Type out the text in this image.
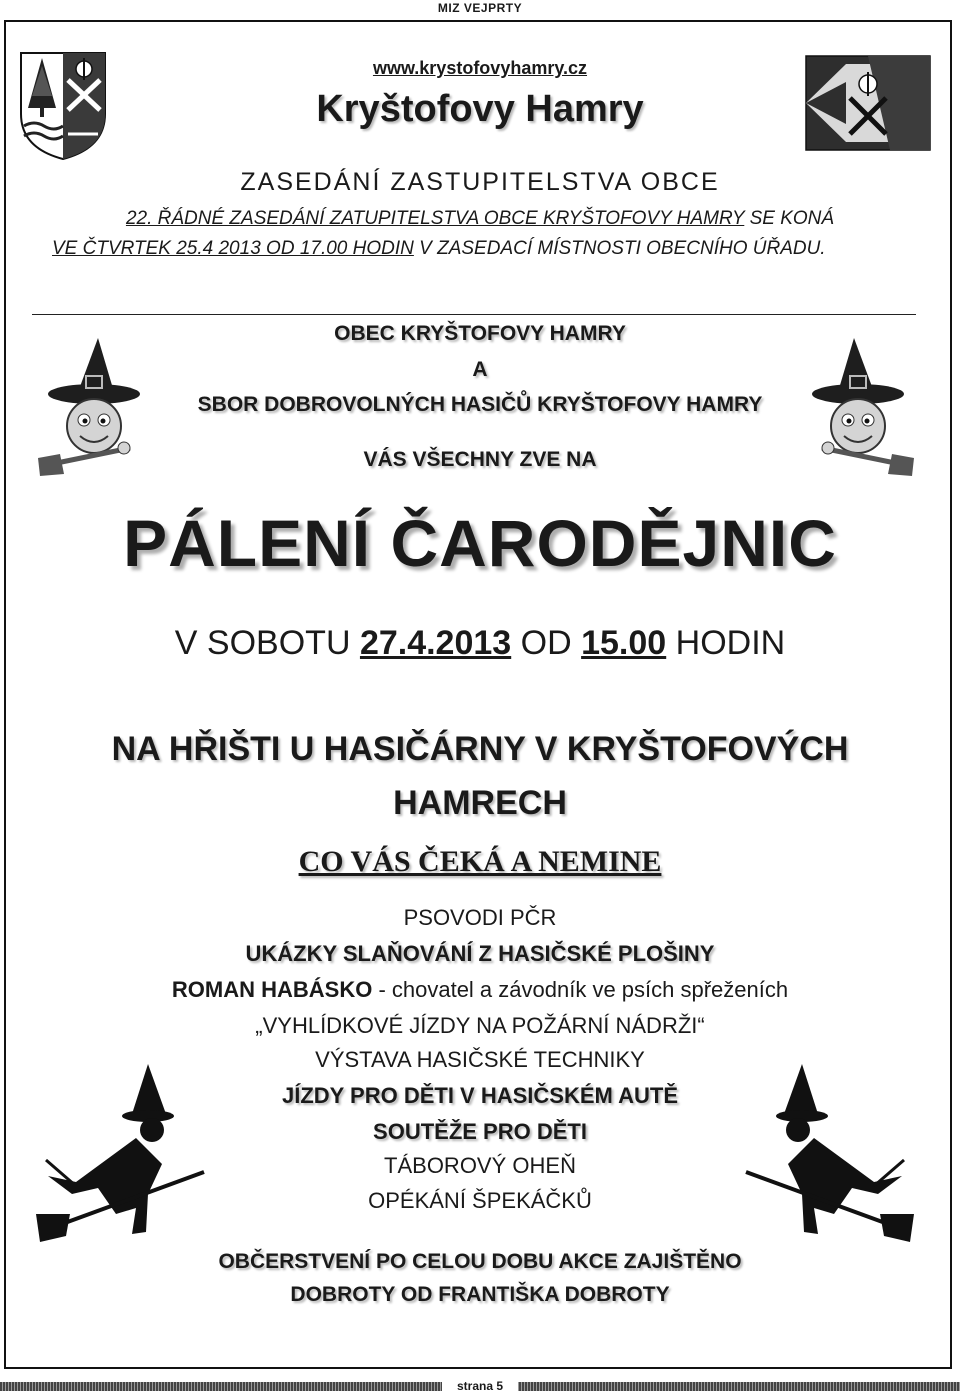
MIZ VEJPRTY
www.krystofovyhamry.cz
Kryštofovy Hamry
ZASEDÁNÍ ZASTUPITELSTVA OBCE
22. ŘÁDNÉ ZASEDÁNÍ ZATUPITELSTVA OBCE KRYŠTOFOVY HAMRY SE KONÁ
VE ČTVRTEK 25.4 2013 OD 17.00 HODIN V ZASEDACÍ MÍSTNOSTI OBECNÍHO ÚŘADU.
OBEC KRYŠTOFOVY HAMRY
A
SBOR DOBROVOLNÝCH HASIČŮ KRYŠTOFOVY HAMRY
VÁS VŠECHNY ZVE NA
PÁLENÍ ČARODĚJNIC
V SOBOTU 27.4.2013 OD 15.00 HODIN
NA HŘIŠTI U HASIČÁRNY V KRYŠTOFOVÝCH
HAMRECH
CO VÁS ČEKÁ A NEMINE
PSOVODI PČR
UKÁZKY SLAŇOVÁNÍ Z HASIČSKÉ PLOŠINY
ROMAN HABÁSKO - chovatel a závodník ve psích spřeženích
„VYHLÍDKOVÉ JÍZDY NA POŽÁRNÍ NÁDRŽI“
VÝSTAVA HASIČSKÉ TECHNIKY
JÍZDY PRO DĚTI V HASIČSKÉM AUTĚ
SOUTĚŽE PRO DĚTI
TÁBOROVÝ OHEŇ
OPÉKÁNÍ ŠPEKÁČKŮ
OBČERSTVENÍ PO CELOU DOBU AKCE ZAJIŠTĚNO
DOBROTY OD FRANTIŠKA DOBROTY
strana 5
